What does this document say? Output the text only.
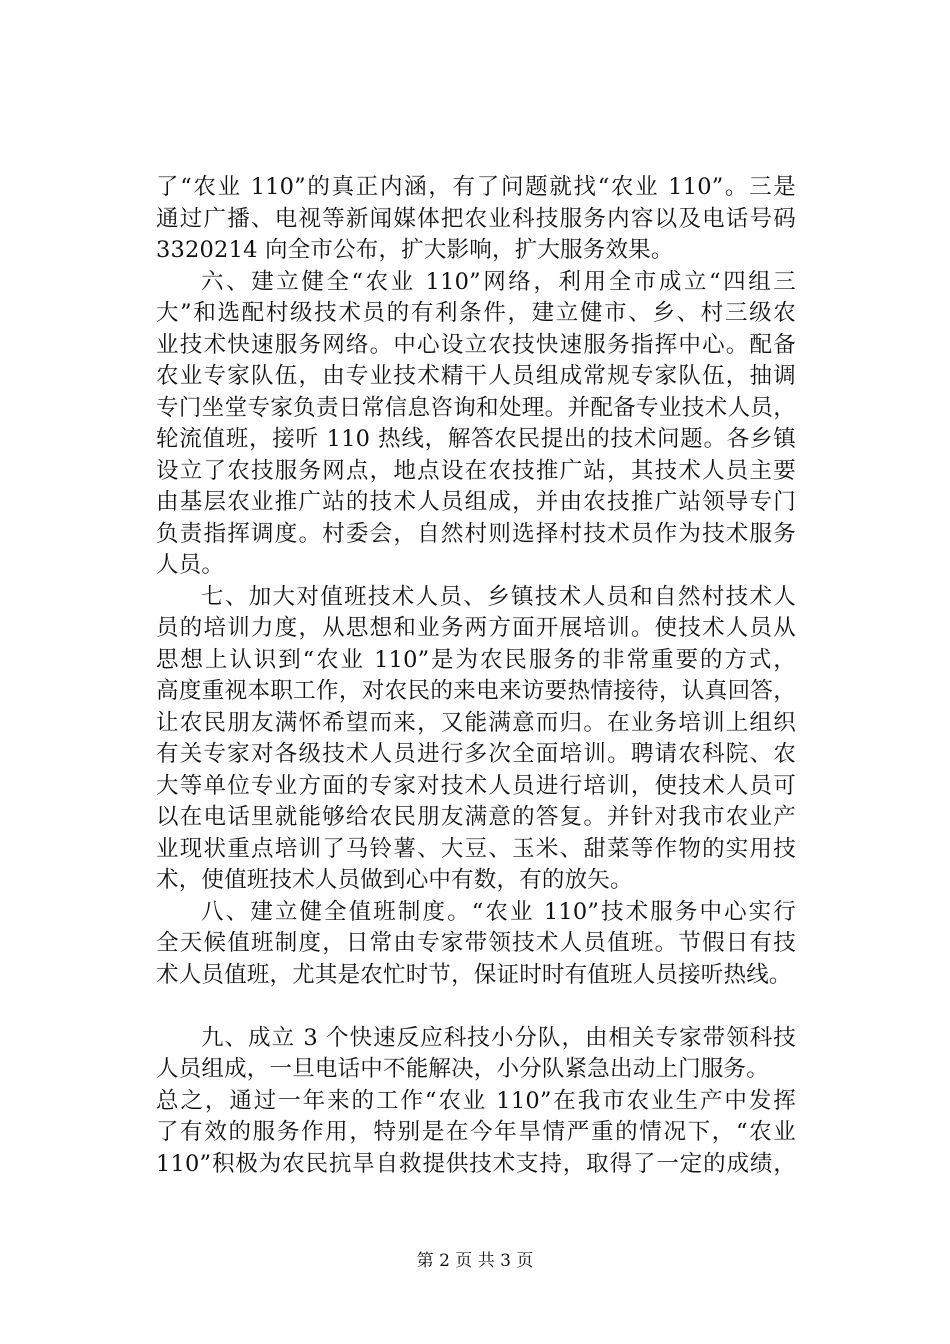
了“农业 110”的真正内涵，有了问题就找“农业 110”。三是
通过广播、电视等新闻媒体把农业科技服务内容以及电话号码
3320214 向全市公布，扩大影响，扩大服务效果。
六、建立健全“农业 110”网络，利用全市成立“四组三
大”和选配村级技术员的有利条件，建立健市、乡、村三级农
业技术快速服务网络。中心设立农技快速服务指挥中心。配备
农业专家队伍，由专业技术精干人员组成常规专家队伍，抽调
专门坐堂专家负责日常信息咨询和处理。并配备专业技术人员，
轮流值班，接听 110 热线，解答农民提出的技术问题。各乡镇
设立了农技服务网点，地点设在农技推广站，其技术人员主要
由基层农业推广站的技术人员组成，并由农技推广站领导专门
负责指挥调度。村委会，自然村则选择村技术员作为技术服务
人员。
七、加大对值班技术人员、乡镇技术人员和自然村技术人
员的培训力度，从思想和业务两方面开展培训。使技术人员从
思想上认识到“农业 110”是为农民服务的非常重要的方式，
高度重视本职工作，对农民的来电来访要热情接待，认真回答，
让农民朋友满怀希望而来，又能满意而归。在业务培训上组织
有关专家对各级技术人员进行多次全面培训。聘请农科院、农
大等单位专业方面的专家对技术人员进行培训，使技术人员可
以在电话里就能够给农民朋友满意的答复。并针对我市农业产
业现状重点培训了马铃薯、大豆、玉米、甜菜等作物的实用技
术，使值班技术人员做到心中有数，有的放矢。
八、建立健全值班制度。“农业 110”技术服务中心实行
全天候值班制度，日常由专家带领技术人员值班。节假日有技
术人员值班，尤其是农忙时节，保证时时有值班人员接听热线。
九、成立 3 个快速反应科技小分队，由相关专家带领科技
人员组成，一旦电话中不能解决，小分队紧急出动上门服务。
总之，通过一年来的工作“农业 110”在我市农业生产中发挥
了有效的服务作用，特别是在今年旱情严重的情况下，“农业
110”积极为农民抗旱自救提供技术支持，取得了一定的成绩，
第 2 页 共 3 页
